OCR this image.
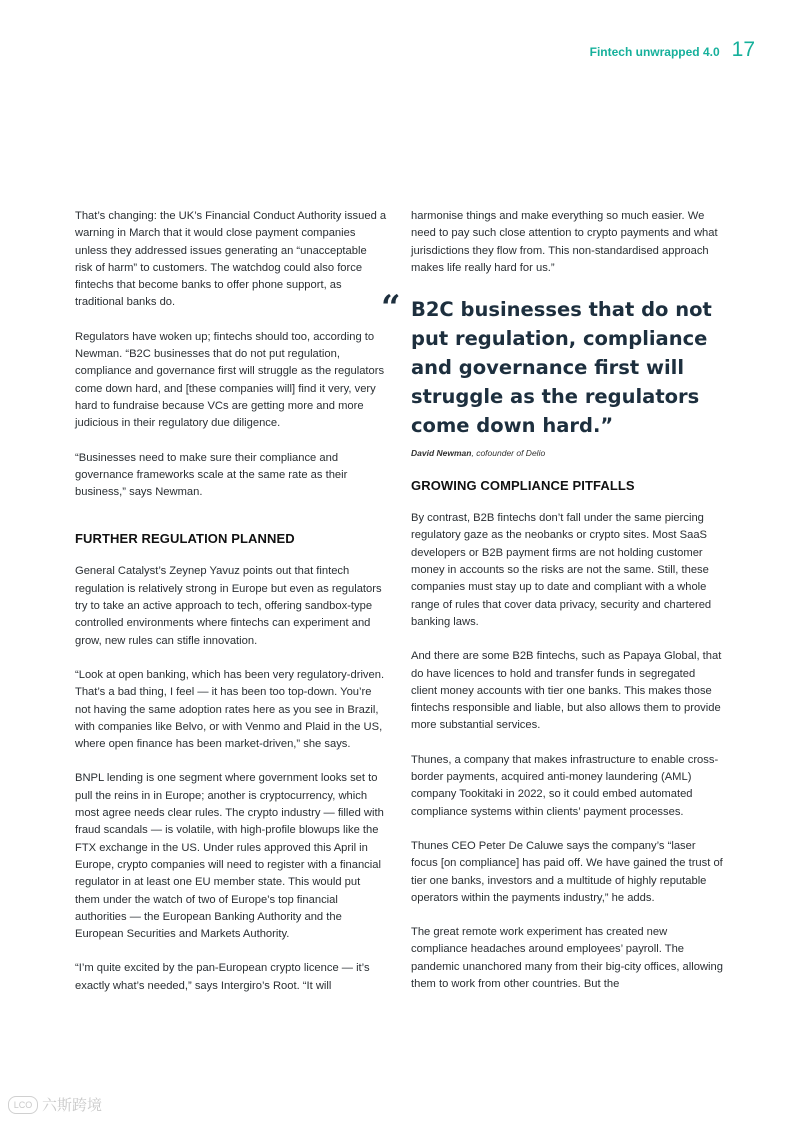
Fintech unwrapped 4.0 17

That’s changing: the UK’s Financial Conduct Authority issued a warning in March that it would close payment companies unless they addressed issues generating an “unacceptable risk of harm” to customers. The watchdog could also force fintechs that become banks to offer phone support, as traditional banks do.

Regulators have woken up; fintechs should too, according to Newman. “B2C businesses that do not put regulation, compliance and governance first will struggle as the regulators come down hard, and [these companies will] find it very, very hard to fundraise because VCs are getting more and more judicious in their regulatory due diligence.

“Businesses need to make sure their compliance and governance frameworks scale at the same rate as their business,” says Newman.

FURTHER REGULATION PLANNED

General Catalyst’s Zeynep Yavuz points out that fintech regulation is relatively strong in Europe but even as regulators try to take an active approach to tech, offering sandbox-type controlled environments where fintechs can experiment and grow, new rules can stifle innovation.

“Look at open banking, which has been very regulatory-driven. That’s a bad thing, I feel — it has been too top-down. You’re not having the same adoption rates here as you see in Brazil, with companies like Belvo, or with Venmo and Plaid in the US, where open finance has been market-driven,” she says.

BNPL lending is one segment where government looks set to pull the reins in in Europe; another is cryptocurrency, which most agree needs clear rules. The crypto industry — filled with fraud scandals — is volatile, with high-profile blowups like the FTX exchange in the US. Under rules approved this April in Europe, crypto companies will need to register with a financial regulator in at least one EU member state. This would put them under the watch of two of Europe’s top financial authorities — the European Banking Authority and the European Securities and Markets Authority.

“I’m quite excited by the pan-European crypto licence — it’s exactly what’s needed,” says Intergiro’s Root. “It will

harmonise things and make everything so much easier. We need to pay such close attention to crypto payments and what jurisdictions they flow from. This non-standardised approach makes life really hard for us.”

“ B2C businesses that do not put regulation, compliance and governance first will struggle as the regulators come down hard.”

David Newman, cofounder of Delio
GROWING COMPLIANCE PITFALLS

By contrast, B2B fintechs don’t fall under the same piercing regulatory gaze as the neobanks or crypto sites. Most SaaS developers or B2B payment firms are not holding customer money in accounts so the risks are not the same. Still, these companies must stay up to date and compliant with a whole range of rules that cover data privacy, security and chartered banking laws.

And there are some B2B fintechs, such as Papaya Global, that do have licences to hold and transfer funds in segregated client money accounts with tier one banks. This makes those fintechs responsible and liable, but also allows them to provide more substantial services.

Thunes, a company that makes infrastructure to enable cross-border payments, acquired anti-money laundering (AML) company Tookitaki in 2022, so it could embed automated compliance systems within clients’ payment processes.

Thunes CEO Peter De Caluwe says the company’s “laser focus [on compliance] has paid off. We have gained the trust of tier one banks, investors and a multitude of highly reputable operators within the payments industry,” he adds.

The great remote work experiment has created new compliance headaches around employees’ payroll. The pandemic unanchored many from their big-city offices, allowing them to work from other countries. But the

LCO 六斯跨境
